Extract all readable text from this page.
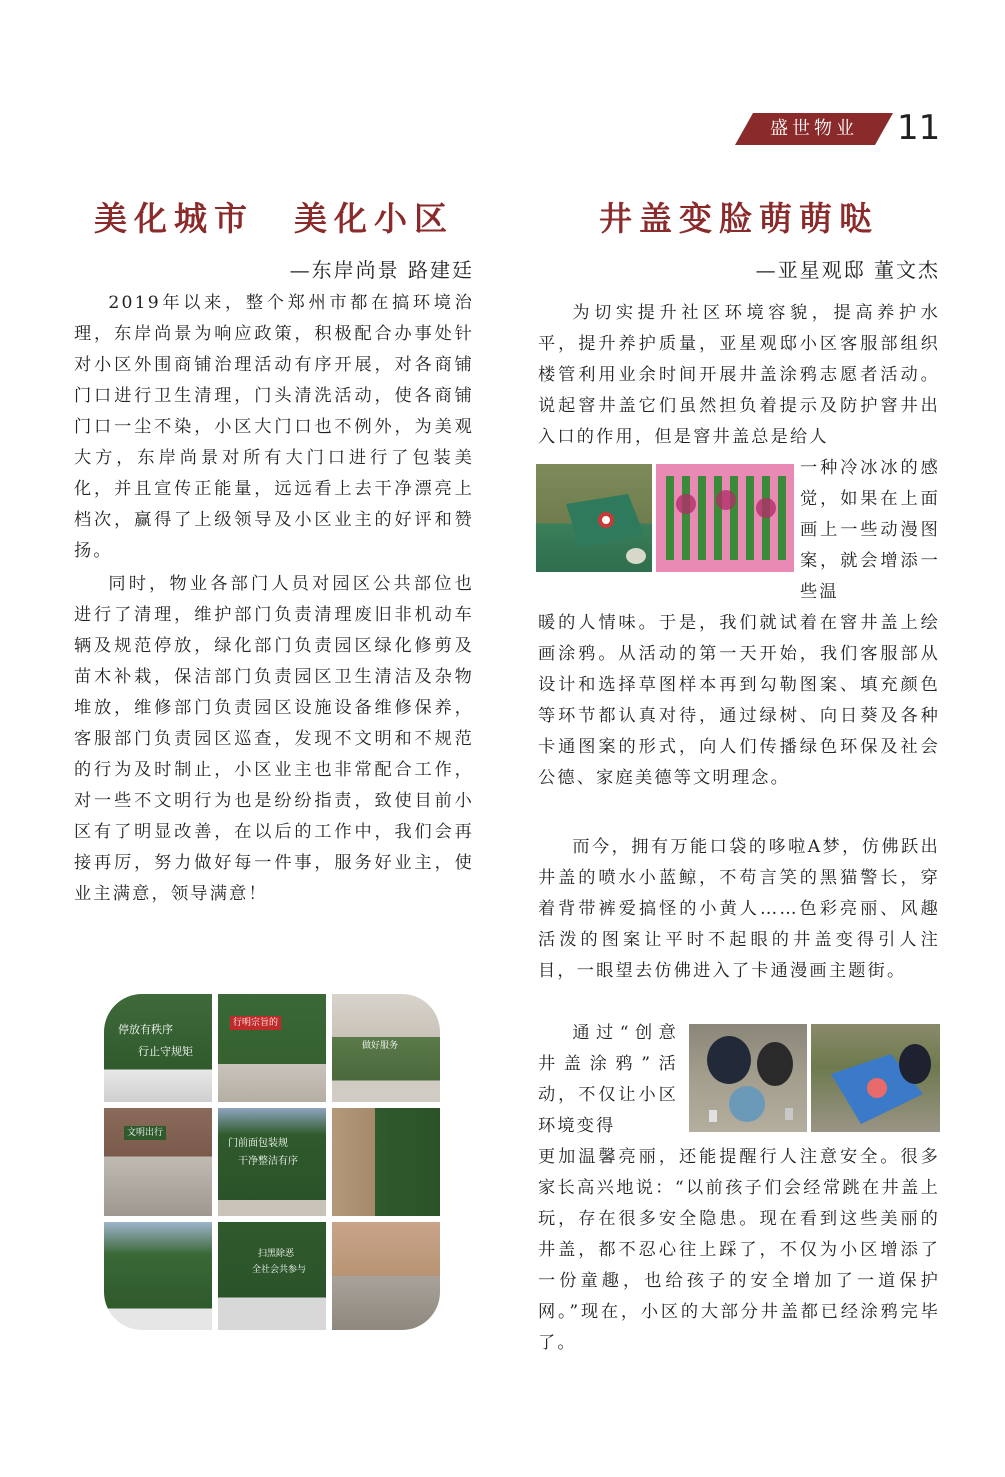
盛世物业	11
美化城市　美化小区

—东岸尚景 路建廷

2019年以来，整个郑州市都在搞环境治理，东岸尚景为响应政策，积极配合办事处针对小区外围商铺治理活动有序开展，对各商铺门口进行卫生清理，门头清洗活动，使各商铺门口一尘不染，小区大门口也不例外，为美观大方，东岸尚景对所有大门口进行了包装美化，并且宣传正能量，远远看上去干净漂亮上档次，赢得了上级领导及小区业主的好评和赞扬。

同时，物业各部门人员对园区公共部位也进行了清理，维护部门负责清理废旧非机动车辆及规范停放，绿化部门负责园区绿化修剪及苗木补栽，保洁部门负责园区卫生清洁及杂物堆放，维修部门负责园区设施设备维修保养，客服部门负责园区巡查，发现不文明和不规范的行为及时制止，小区业主也非常配合工作，对一些不文明行为也是纷纷指责，致使目前小区有了明显改善，在以后的工作中，我们会再接再厉，努力做好每一件事，服务好业主，使业主满意，领导满意！

停放有秩序
行止守规矩
行明宗旨的
做好服务
文明出行
门前面包装规
干净整洁有序
扫黑除恶
全社会共参与
井盖变脸萌萌哒

—亚星观邸 董文杰

为切实提升社区环境容貌，提高养护水平，提升养护质量，亚星观邸小区客服部组织楼管利用业余时间开展井盖涂鸦志愿者活动。说起窨井盖它们虽然担负着提示及防护窨井出入口的作用，但是窨井盖总是给人

一种冷冰冰的感觉，如果在上面画上一些动漫图案，就会增添一些温

暖的人情味。于是，我们就试着在窨井盖上绘画涂鸦。从活动的第一天开始，我们客服部从设计和选择草图样本再到勾勒图案、填充颜色等环节都认真对待，通过绿树、向日葵及各种卡通图案的形式，向人们传播绿色环保及社会公德、家庭美德等文明理念。

而今，拥有万能口袋的哆啦A梦，仿佛跃出井盖的喷水小蓝鲸，不苟言笑的黑猫警长，穿着背带裤爱搞怪的小黄人……色彩亮丽、风趣活泼的图案让平时不起眼的井盖变得引人注目，一眼望去仿佛进入了卡通漫画主题街。

通过“创意井盖涂鸦”活动，不仅让小区环境变得

更加温馨亮丽，还能提醒行人注意安全。很多家长高兴地说：“以前孩子们会经常跳在井盖上玩，存在很多安全隐患。现在看到这些美丽的井盖，都不忍心往上踩了，不仅为小区增添了一份童趣，也给孩子的安全增加了一道保护网。”现在，小区的大部分井盖都已经涂鸦完毕了。
